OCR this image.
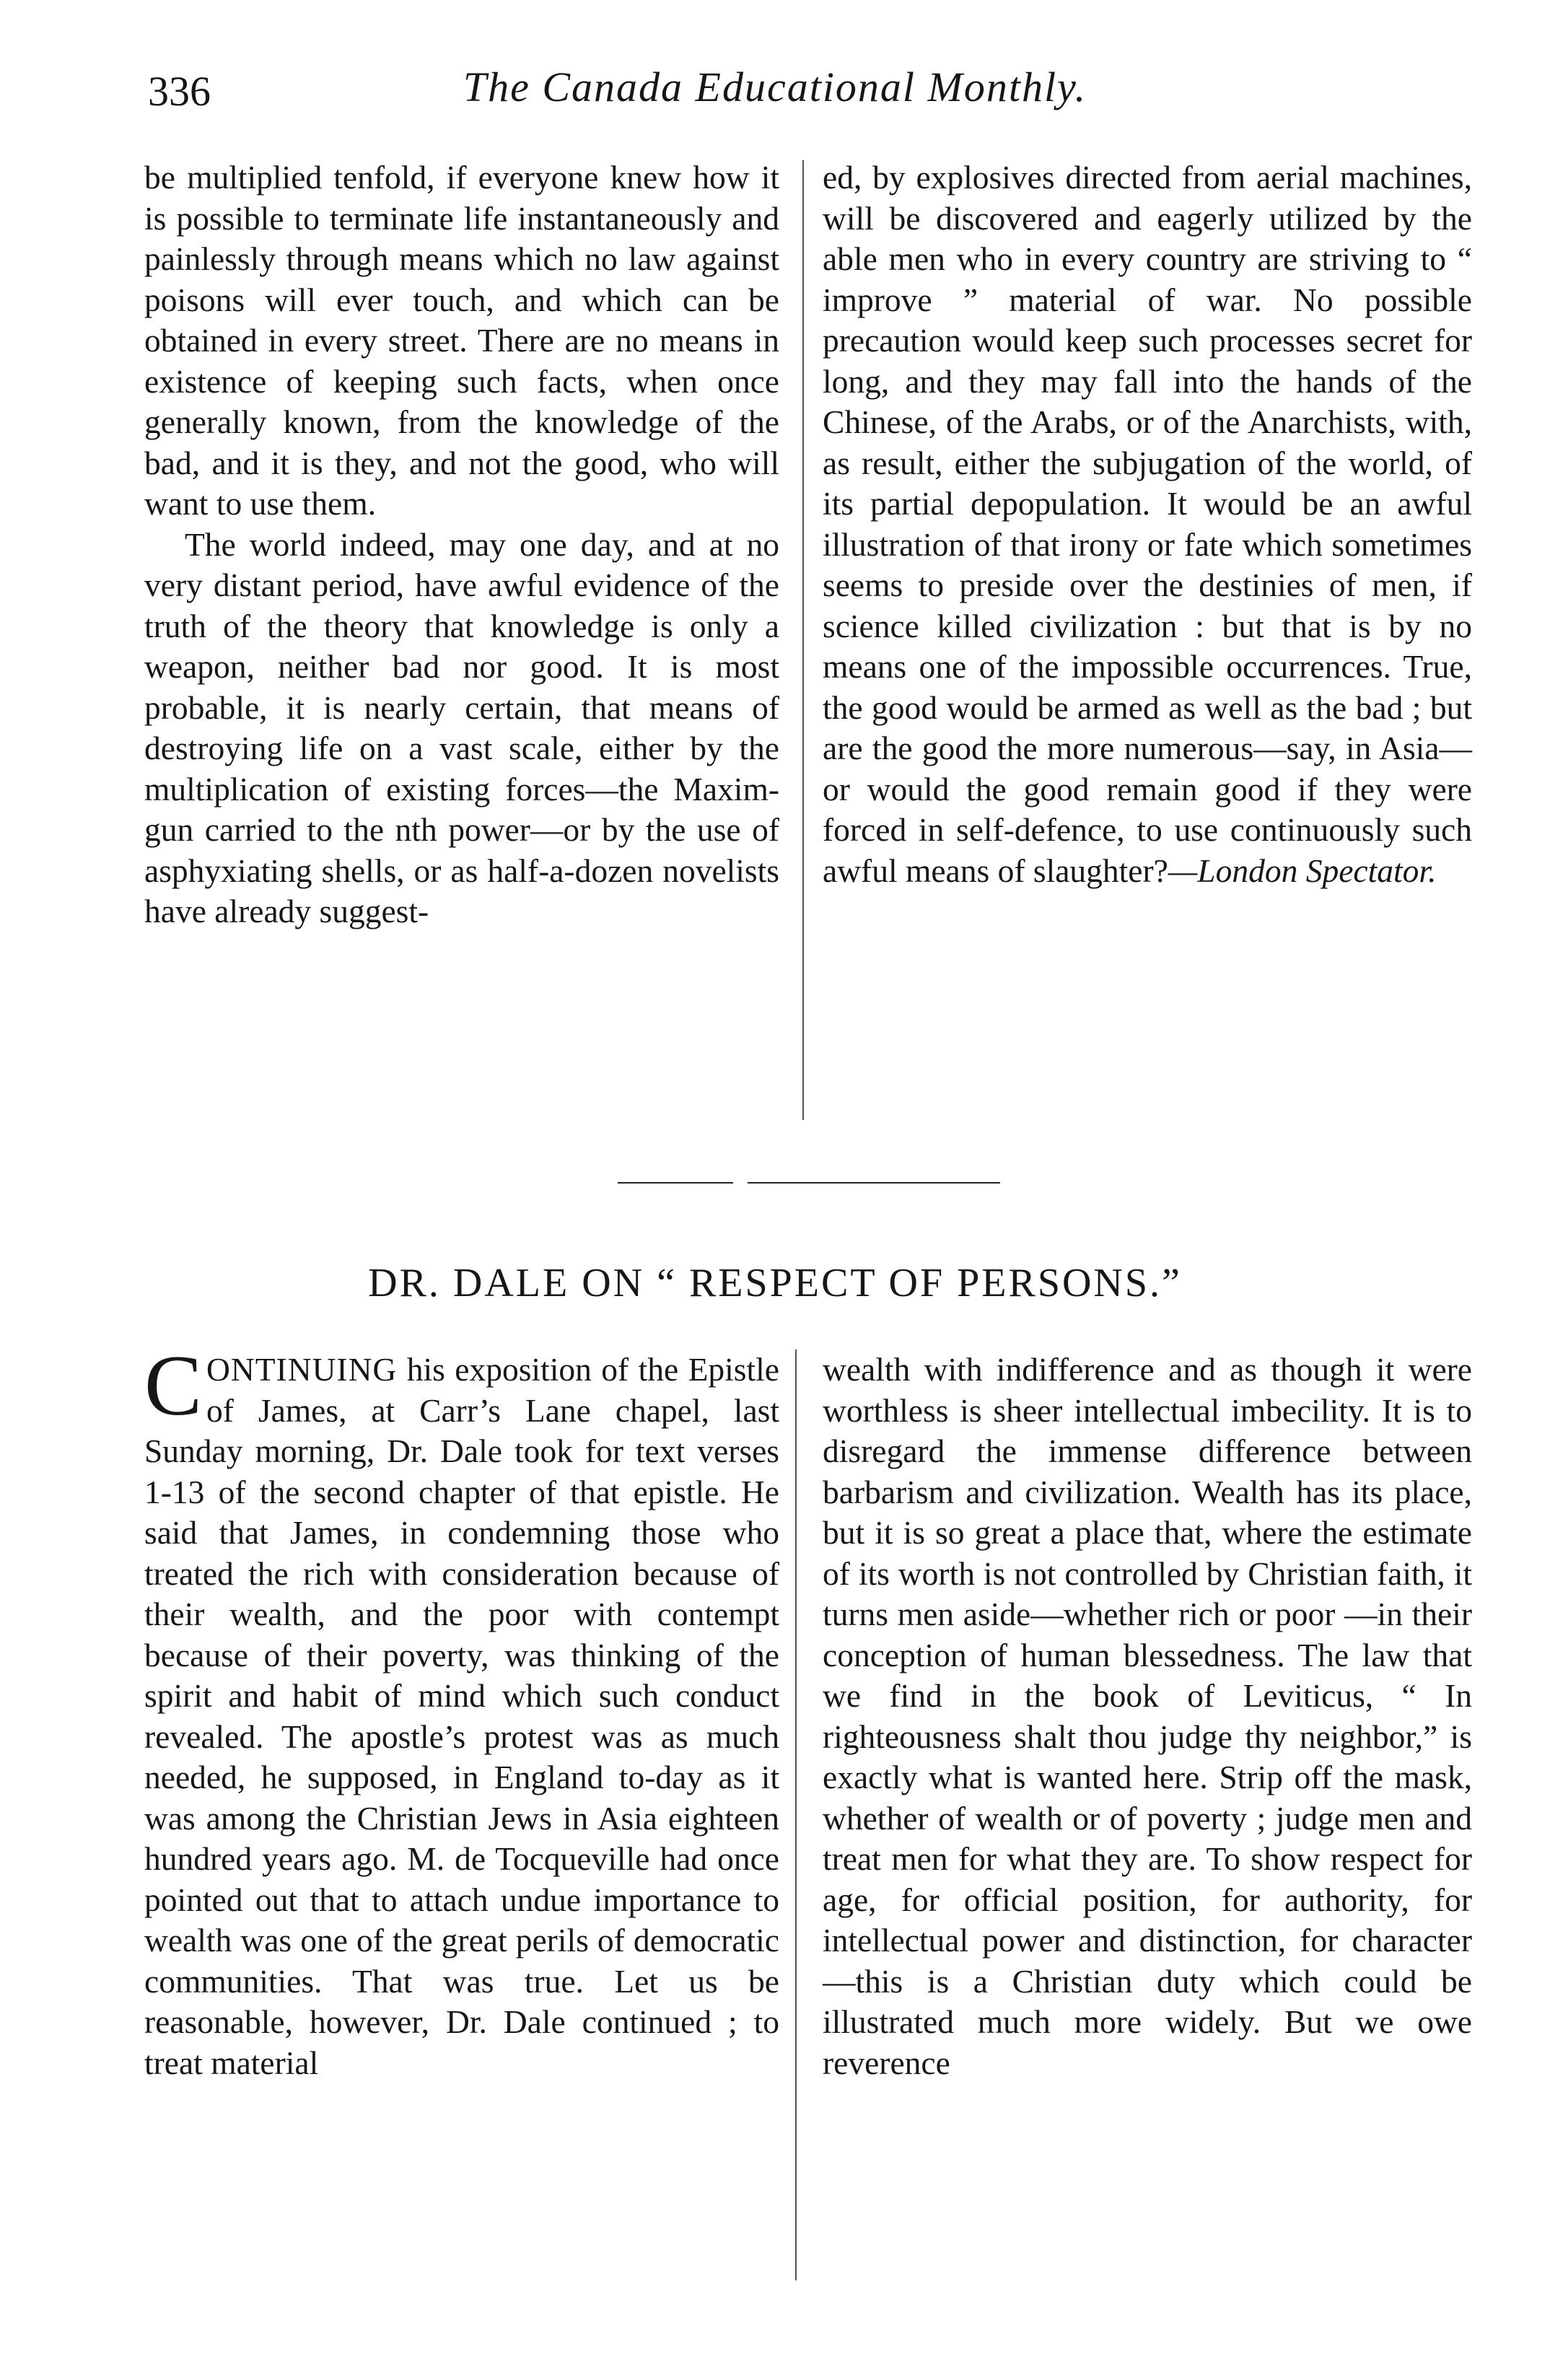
336	The Canada Educational Monthly.

be multiplied tenfold, if everyone knew how it is possible to terminate life instantaneously and painlessly through means which no law against poisons will ever touch, and which can be obtained in every street. There are no means in existence of keeping such facts, when once generally known, from the knowledge of the bad, and it is they, and not the good, who will want to use them.

The world indeed, may one day, and at no very distant period, have awful evidence of the truth of the theory that knowledge is only a weapon, neither bad nor good. It is most probable, it is nearly certain, that means of destroying life on a vast scale, either by the multiplication of existing forces—the Maxim-gun carried to the nth power—or by the use of asphyxiating shells, or as half-a-dozen novelists have already suggest-

ed, by explosives directed from aerial machines, will be discovered and eagerly utilized by the able men who in every country are striving to “ improve ” material of war. No possible precaution would keep such processes secret for long, and they may fall into the hands of the Chinese, of the Arabs, or of the Anarchists, with, as result, either the subjugation of the world, of its partial depopulation. It would be an awful illustration of that irony or fate which sometimes seems to preside over the destinies of men, if science killed civilization : but that is by no means one of the impossible occurrences. True, the good would be armed as well as the bad ; but are the good the more numerous—say, in Asia—or would the good remain good if they were forced in self-defence, to use continuously such awful means of slaughter?—London Spectator.

DR. DALE ON “ RESPECT OF PERSONS.”

CONTINUING his exposition of the Epistle of James, at Carr’s Lane chapel, last Sunday morning, Dr. Dale took for text verses 1-13 of the second chapter of that epistle. He said that James, in condemning those who treated the rich with consideration because of their wealth, and the poor with contempt because of their poverty, was thinking of the spirit and habit of mind which such conduct revealed. The apostle’s protest was as much needed, he supposed, in England to-day as it was among the Christian Jews in Asia eighteen hundred years ago. M. de Tocqueville had once pointed out that to attach undue importance to wealth was one of the great perils of democratic communities. That was true. Let us be reasonable, however, Dr. Dale continued ; to treat material

wealth with indifference and as though it were worthless is sheer intellectual imbecility. It is to disregard the immense difference between barbarism and civilization. Wealth has its place, but it is so great a place that, where the estimate of its worth is not controlled by Christian faith, it turns men aside—whether rich or poor —in their conception of human blessedness. The law that we find in the book of Leviticus, “ In righteousness shalt thou judge thy neighbor,” is exactly what is wanted here. Strip off the mask, whether of wealth or of poverty ; judge men and treat men for what they are. To show respect for age, for official position, for authority, for intellectual power and distinction, for character—this is a Christian duty which could be illustrated much more widely. But we owe reverence
